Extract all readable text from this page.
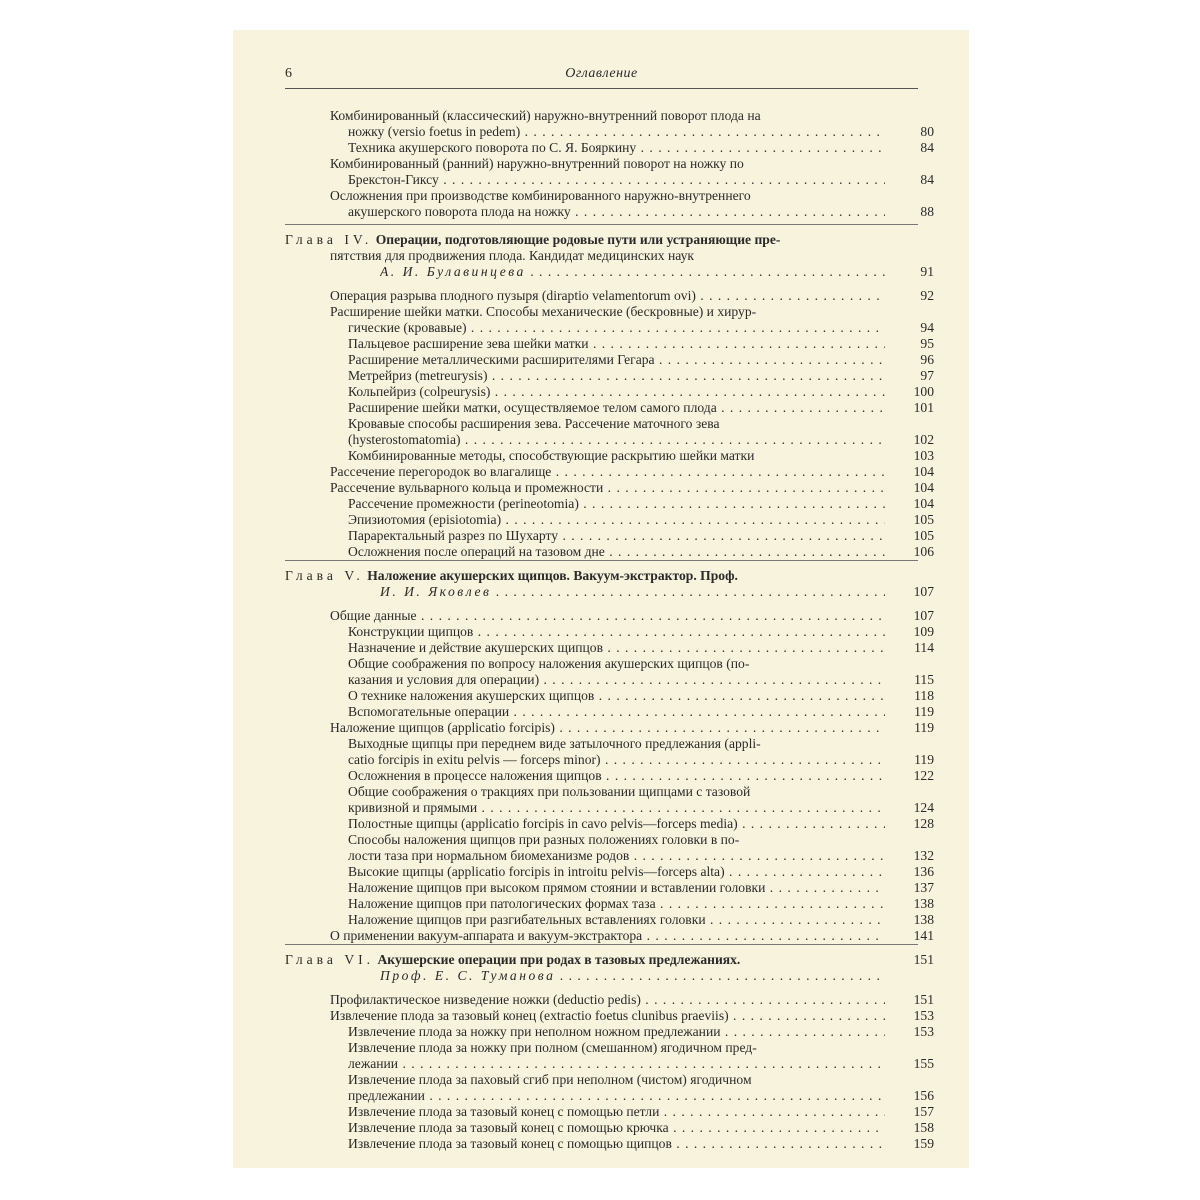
6	Оглавление
Комбинированный (классический) наружно-внутренний поворот плода на
ножку (versio foetus in pedem) . . .	80
Техника акушерского поворота по С. Я. Бояркину . . .	84
Комбинированный (ранний) наружно-внутренний поворот на ножку по
Брекстон-Гиксу . . .	84
Осложнения при производстве комбинированного наружно-внутреннего
акушерского поворота плода на ножку . . .	88
Глава IV. Операции, подготовляющие родовые пути или устраняющие пре-
пятствия для продвижения плода. Кандидат медицинских наук
А. И. Булавинцева . . .	91
Операция разрыва плодного пузыря (diraptio velamentorum ovi) . . .	92
Расширение шейки матки. Способы механические (бескровные) и хирур-
гические (кровавые) . . .	94
Пальцевое расширение зева шейки матки . . .	95
Расширение металлическими расширителями Гегара . . .	96
Метрейриз (metreurysis) . . .	97
Кольпейриз (colpeurysis) . . .	100
Расширение шейки матки, осуществляемое телом самого плода . . .	101
Кровавые способы расширения зева. Рассечение маточного зева
(hysterostomatomia) . . .	102
Комбинированные методы, способствующие раскрытию шейки матки	103
Рассечение перегородок во влагалище . . .	104
Рассечение вульварного кольца и промежности . . .	104
Рассечение промежности (perineotomia) . . .	104
Эпизиотомия (episiotomia) . . .	105
Параректальный разрез по Шухарту . . .	105
Осложнения после операций на тазовом дне . . .	106
Глава V. Наложение акушерских щипцов. Вакуум-экстрактор. Проф.
И. И. Яковлев . . .	107
Общие данные . . .	107
Конструкции щипцов . . .	109
Назначение и действие акушерских щипцов . . .	114
Общие соображения по вопросу наложения акушерских щипцов (по-
казания и условия для операции) . . .	115
О технике наложения акушерских щипцов . . .	118
Вспомогательные операции . . .	119
Наложение щипцов (applicatio forcipis) . . .	119
Выходные щипцы при переднем виде затылочного предлежания (appli-
catio forcipis in exitu pelvis — forceps minor) . . .	119
Осложнения в процессе наложения щипцов . . .	122
Общие соображения о тракциях при пользовании щипцами с тазовой
кривизной и прямыми . . .	124
Полостные щипцы (applicatio forcipis in cavo pelvis—forceps media) . . .	128
Способы наложения щипцов при разных положениях головки в по-
лости таза при нормальном биомеханизме родов . . .	132
Высокие щипцы (applicatio forcipis in introitu pelvis—forceps alta) . . .	136
Наложение щипцов при высоком прямом стоянии и вставлении головки . . .	137
Наложение щипцов при патологических формах таза . . .	138
Наложение щипцов при разгибательных вставлениях головки . . .	138
О применении вакуум-аппарата и вакуум-экстрактора . . .	141
Глава VI. Акушерские операции при родах в тазовых предлежаниях.	151
Проф. Е. С. Туманова . . .
Профилактическое низведение ножки (deductio pedis) . . .	151
Извлечение плода за тазовый конец (extractio foetus clunibus praeviis) . . .	153
Извлечение плода за ножку при неполном ножном предлежании . . .	153
Извлечение плода за ножку при полном (смешанном) ягодичном пред-
лежании . . .	155
Извлечение плода за паховый сгиб при неполном (чистом) ягодичном
предлежании . . .	156
Извлечение плода за тазовый конец с помощью петли . . .	157
Извлечение плода за тазовый конец с помощью крючка . . .	158
Извлечение плода за тазовый конец с помощью щипцов . . .	159
